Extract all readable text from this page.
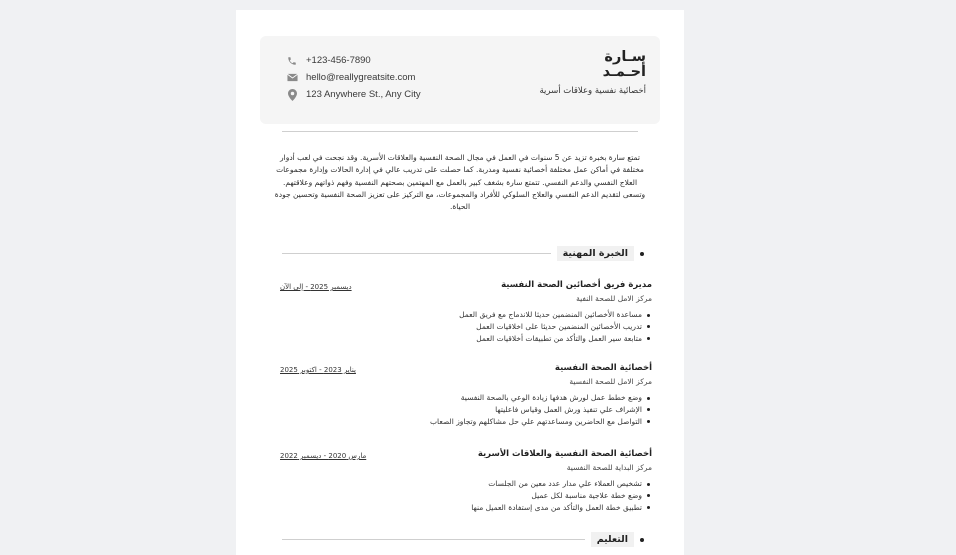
+123-456-7890
hello@reallygreatsite.com
123 Anywhere St., Any City
سـارة
أحـمـد
أخصائية نفسية وعلاقات أسرية
تمتع سارة بخبرة تزيد عن 5 سنوات في العمل في مجال الصحة النفسية والعلاقات الأسرية. وقد نجحت في لعب أدوار مختلفة في أماكن عمل مختلفة أخصائية نفسية ومدربة. كما حصلت على تدريب عالي في إدارة الحالات وإدارة مجموعات العلاج النفسي والدعم النفسي. تتمتع سارة بشغف كبير بالعمل مع المهتمين بصحتهم النفسية وفهم ذواتهم وعلاقتهم. وتسعى لتقديم الدعم النفسي والعلاج السلوكي للأفراد والمجموعات، مع التركيز على تعزيز الصحة النفسية وتحسين جودة الحياة.
الخبرة المهنية
مديرة فريق أخصائين الصحة النفسية
مركز الامل للصحة النفية
ديسمبر 2025 - إلى الآن
مساعدة الأخصائين المنضمين حديثا للاندماج مع فريق العمل
تدريب الأخصائين المنضمين حديثا على اخلاقيات العمل
متابعة سير العمل والتأكد من تطبيقات أخلاقيات العمل
أخصائية الصحة النفسية
مركز الامل للصحة النفسية
يناير 2023 - اكتوبر 2025
وضع خطط عمل لورش هدفها زيادة الوعي بالصحة النفسية
الإشراف علي تنفيذ ورش العمل وقياس فاعليتها
التواصل مع الحاضرين ومساعدتهم علي حل مشاكلهم وتجاوز الصعاب
أخصائية الصحة النفسية والعلاقات الأسرية
مركز البداية للصحة النفسية
مارس 2020 - ديسمبر 2022
تشخيص العملاء علي مدار عدد معين من الجلسات
وضع خطة علاجية مناسبة لكل عميل
تطبيق خطة العمل والتأكد من مدى إستفادة العميل منها
التعليم
